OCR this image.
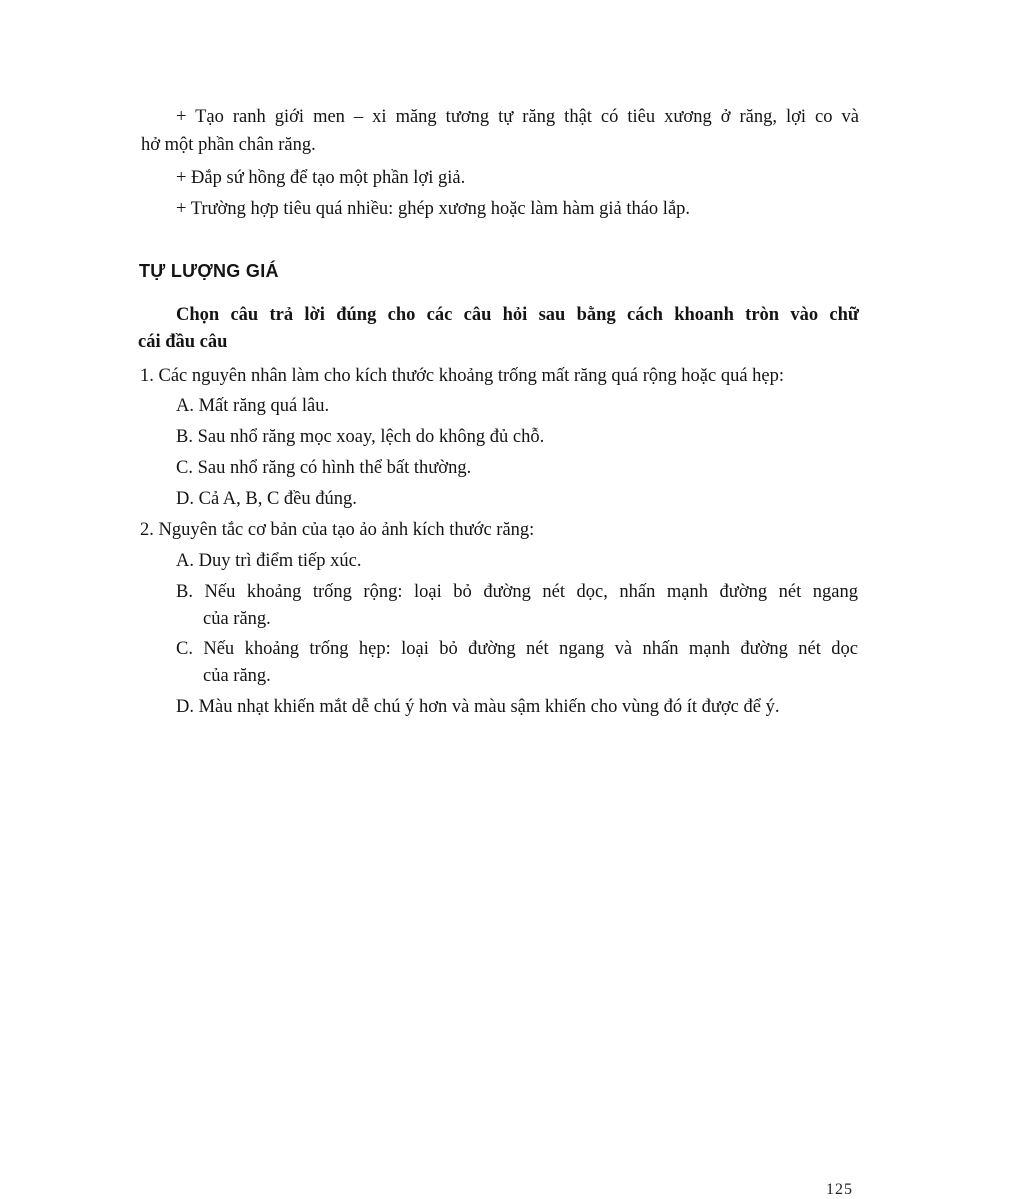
+ Tạo ranh giới men – xi măng tương tự răng thật có tiêu xương ở răng, lợi co và
hở một phần chân răng.
+ Đắp sứ hồng để tạo một phần lợi giả.
+ Trường hợp tiêu quá nhiều: ghép xương hoặc làm hàm giả tháo lắp.
TỰ LƯỢNG GIÁ
Chọn câu trả lời đúng cho các câu hỏi sau bằng cách khoanh tròn vào chữ
cái đầu câu
1. Các nguyên nhân làm cho kích thước khoảng trống mất răng quá rộng hoặc quá hẹp:
A. Mất răng quá lâu.
B. Sau nhổ răng mọc xoay, lệch do không đủ chỗ.
C. Sau nhổ răng có hình thể bất thường.
D. Cả A, B, C đều đúng.
2. Nguyên tắc cơ bản của tạo ảo ảnh kích thước răng:
A. Duy trì điểm tiếp xúc.
B. Nếu khoảng trống rộng: loại bỏ đường nét dọc, nhấn mạnh đường nét ngang
của răng.
C. Nếu khoảng trống hẹp: loại bỏ đường nét ngang và nhấn mạnh đường nét dọc
của răng.
D. Màu nhạt khiến mắt dễ chú ý hơn và màu sậm khiến cho vùng đó ít được để ý.
125
